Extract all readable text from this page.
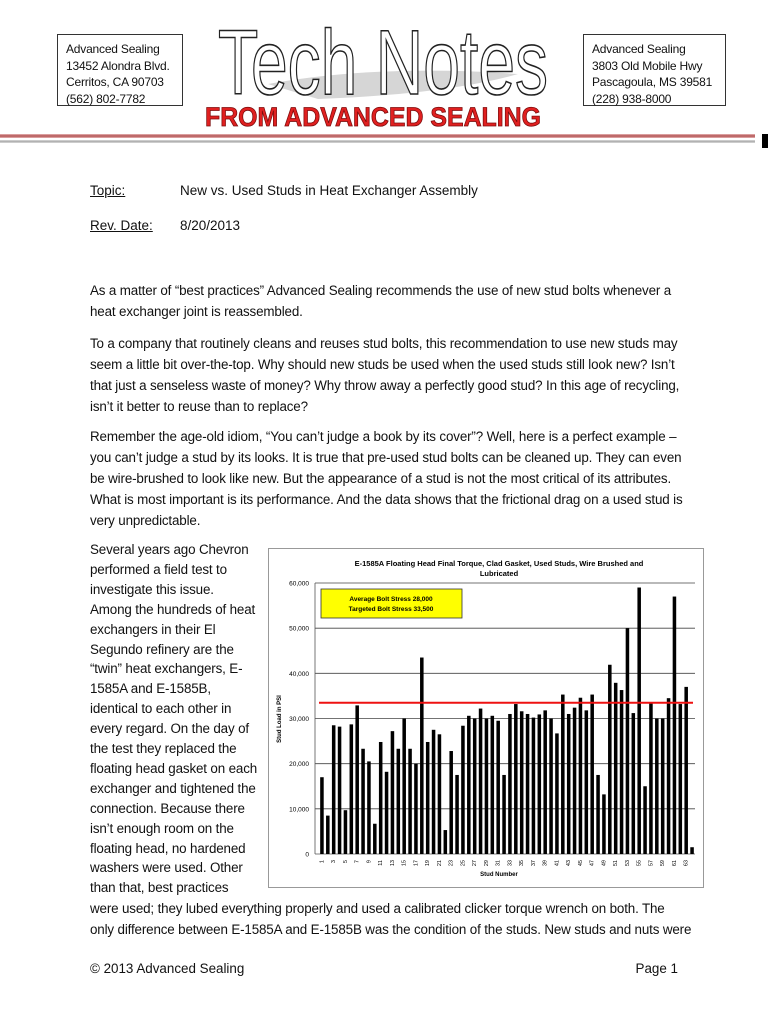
Advanced Sealing
13452 Alondra Blvd.
Cerritos, CA 90703
(562) 802-7782 Tech Notes
FROM ADVANCED SEALING
Advanced Sealing
3803 Old Mobile Hwy
Pascagoula, MS 39581
(228) 938-8000
Topic:	New vs. Used Studs in Heat Exchanger Assembly
Rev. Date: 8/20/2013
As a matter of “best practices” Advanced Sealing recommends the use of new stud bolts whenever a
heat exchanger joint is reassembled.
To a company that routinely cleans and reuses stud bolts, this recommendation to use new studs may
seem a little bit over-the-top. Why should new studs be used when the used studs still look new? Isn’t
that just a senseless waste of money? Why throw away a perfectly good stud? In this age of recycling,
isn’t it better to reuse than to replace?
Remember the age-old idiom, “You can’t judge a book by its cover”? Well, here is a perfect example –
you can’t judge a stud by its looks. It is true that pre-used stud bolts can be cleaned up. They can even
be wire-brushed to look like new. But the appearance of a stud is not the most critical of its attributes.
What is most important is its performance. And the data shows that the frictional drag on a used stud is
very unpredictable.
Several years ago Chevron
performed a field test to
investigate this issue.
Among the hundreds of heat
exchangers in their El
Segundo refinery are the
“twin” heat exchangers, E-
1585A and E-1585B,
identical to each other in
every regard. On the day of
the test they replaced the
floating head gasket on each
exchanger and tightened the
connection. Because there
isn’t enough room on the
floating head, no hardened
washers were used. Other
than that, best practices
were used; they lubed everything properly and used a calibrated clicker torque wrench on both. The
only difference between E-1585A and E-1585B was the condition of the studs. New studs and nuts were
E-1585A Floating Head Final Torque, Clad Gasket, Used Studs, Wire Brushed and
Lubricated
0
10,000
20,000
30,000
40,000
50,000
60,000
1 3 5 7 9 11 13 15 17 19 21 23 25 27 29 31 33 35 37 39 41 43 45 47 49 51 53 55 57 59 61 63
Average Bolt Stress 28,000
Targeted Bolt Stress 33,500
Stud Load in PSI
Stud Number
© 2013 Advanced Sealing	Page 1
